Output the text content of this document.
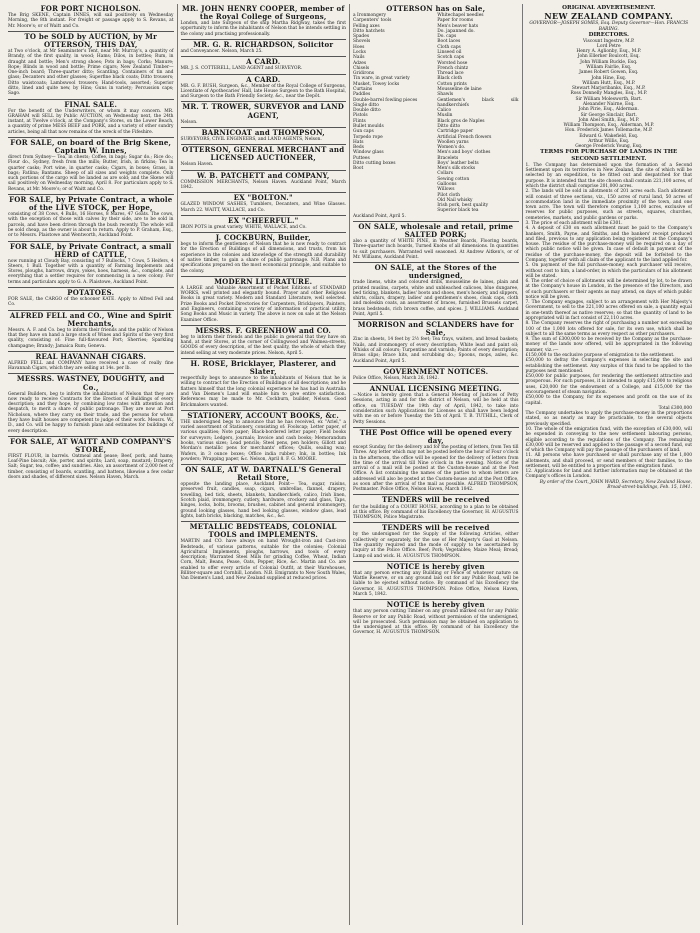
FOR PORT NICHOLSON.

The Brig SKENE, Captain INNES, will sail positively on Wednesday Morning, the 8th instant. For freight or passage apply to S. Revans, at Mr. Moore's; or of Waitt and Co.

TO be SOLD by AUCTION, by Mr OTTERSON, THIS DAY,

at Two o'clock, at Mr Seaminster's Tent, near Mr. Murray's, a quantity of Brandy, of the first quality, in wood; Hams; Dilos, in bottles; Rum, in draught and bottle; Men's strong shoes; Pots in bags; Corks; Manure; Rope; Blinds in wood and bottle; Prime cigars; New Zealand Timber—One-inch board; Three-quarter ditto; Scantling. Containers of tin and glass; Decanters and other glasses; Superfine black coats; Ditto trousers; Ditto waistcoats; Lambswool trousers; Hand-tools, assorted; Superior ditto, lined and quite new, by Hins; Guns in variety; Percussion caps; Sago.

FINAL SALE.

For the benefit of the Underwriters, or whom it may concern. MR. GRAHAM will SELL by Public AUCTION, on Wednesday next, the 24th instant, at Twelve o'clock, at the Company's Stores, on the Lower Beach, a quantity of prime MESS BEEF and PORK, and a variety of other sundry articles, being all that now remains of the wreck of the Fifeshire.

FOR SALE, on board of the Brig Skene, Captain W. Innes,

direct from Sydney— Tea, in chests; Coffee, in bags; Sugar do.; Rice do.; Flour do., Sydney, fresh from the mills; Butter, Irish, in firkins; Tea in quarter casks; Port wine, in quarter casks; Cigars, in boxes; Grass, in bags; Fatlina; Bantams. Sheep of all sizes and weights complete. Only such portions of the cargo will be landed as are sold; and the Skene will sail positively on Wednesday morning, April 8. For particulars apply to S. Revans, at Mr. Moore's; or of Waitt and Co.

FOR SALE, by Private Contract, a whole of the LIVE STOCK, per Hope,

consisting of 38 Cows, 4 Bulls, 16 Horses, 8 Mares, 47 Goats. The cows, with the exception of those with calves by their side, are to be sold in parcels, and have been driven through the bush recently. The whole will be sold cheap, as the owner is about to return. Apply to P. Graham, Esq., or to Messrs. Plaistowe and Wentworth, Auckland Point.

FOR SALE, by Private Contract, a small HERD of CATTLE,

now running at Cloudy Bay, consisting of 7 Bullocks, 7 Cows, 5 Heifers, 4 Steers, 1 Bull. Together with a quantity of Farming Implements and Stores, ploughs, harrows, drays, yokes, hoes, harness, &c., complete, and everything that a settler requires for commencing in a new colony. For terms and particulars apply to G. A. Plaistowe, Auckland Point.

POTATOES.

FOR SALE, the CARGO of the schooner KATE. Apply to Alfred Fell and Co.

ALFRED FELL and CO., Wine and Spirit Merchants,

Messrs. A. F. and Co. beg to inform their friends and the public of Nelson that they have on hand a large stock of Wines and Spirits of the very first quality, consisting of: Fine full-flavoured Port; Sherries; Sparkling champagne; Brandy; Jamaica Rum; Geneva.

REAL HAVANNAH CIGARS.

ALFRED FELL and COMPANY have received a case of really fine Havannah Cigars, which they are selling at 14s. per lb.

MESSRS. WASTNEY, DOUGHTY, and Co.,

General Builders, beg to inform the inhabitants of Nelson that they are now ready to receive Contracts for the Erection of Buildings of every description; and they hope, by combining low rates with attention and despatch, to merit a share of public patronage. They are now at Port Nicholson, where they carry on their trade, and the persons for whom they have built houses are competent to judge of their work. Messrs. W., D., and Co. will be happy to furnish plans and estimates for buildings of every description.

FOR SALE, AT WAITT AND COMPANY'S STORE,

FIRST FLOUR, in barrels. Oatmeal and pease; Beef, pork, and hams; Loaf-Pine biscuit; Ale, porter, and spirits; Lard, soap, mustard; Drapery; Salt; Sugar, tea, coffee; and sundries. Also, an assortment of 2,000 feet of timber, consisting of boards, scantling, and battens, likewise a few cedar doors and shades, of different sizes. Nelson Haven, March.

MR. JOHN HENRY COOPER, member of the Royal College of Surgeons,

London, and late Surgeon of the ship Martha Ridgway, takes the first opportunity to inform the inhabitants of Nelson that he intends settling in the colony and practising professionally.

MR. G. R. RICHARDSON, Solicitor

and Conveyancer. Nelson, March 25.

A CARD.

MR. J. S. COTTERELL, LAND AGENT and SURVEYOR.

A CARD.

MR. G. F. BUSH, Surgeon, &c., Member of the Royal College of Surgeons, Licentiate of Apothecaries' Hall, late House Surgeon to the Bath Hospital, and Surgeon to the Bath Friendly Society, &c., near the Depôt.

MR. T. TROWER, SURVEYOR and LAND AGENT,

Nelson.

BARNICOAT and THOMPSON,

SURVEYORS, CIVIL ENGINEERS, and LAND AGENTS, Nelson.

OTTERSON, GENERAL MERCHANT and LICENSED AUCTIONEER,

Nelson Haven.

W. B. PATCHETT and COMPANY,

COMMISSION MERCHANTS, Nelson Haven. Auckland Point, March 1842.

EX "BOLTON."

GLAZED WINDOW SASHES, Tumblers, Decanters, and Wine Glasses. March 22. WAITT, WALLACE, and Co.

EX "CHEERFUL."

IRON POTS in great variety. WHITE, WALLACE, and Co.

J. COCKBURN, Builder,

begs to inform the gentlemen of Nelson that he is now ready to contract for the Erection of Buildings of all dimensions, and trusts, from his experience in the colonies and knowledge of the strength and durability of native timber, to gain a share of public patronage. N.B. Plans and specifications prepared on the most economical principle, and suitable to the colony.

MODERN LITERATURE.

A LARGE and Valuable Assortment of Pocket Editions of STANDARD WORKS, well printed and elegantly bound. Prayer and other Religious Books in great variety. Modern and Standard Literature, well selected. Prize Books and Pocket Directories for Carpenters, Bricklayers, Painters, and Engineers, containing a variety of information of practical utility. Song Books and Music in variety. The above is now on sale at the Nelson Examiner Office.

MESSRS. F. GREENHOW and CO.

beg to inform their friends and the public in general that they have on hand, at their Stores, at the corner of Collingwood and Waimea-streets, GOODS of every description, of the best quality, the whole of which they intend selling at very moderate prices. Nelson, April 5.

H. ROSE, Bricklayer, Plasterer, and Slater,

respectfully begs to announce to the inhabitants of Nelson that he is willing to contract for the Erection of Buildings of all descriptions; and he flatters himself that the long colonial experience he has had in Australia and Van Diemen's Land will enable him to give entire satisfaction. References may be made to Mr. Cockburn, builder, Nelson. Good Brickmakers wanted.

STATIONERY, ACCOUNT BOOKS, &c.

THE undersigned begs to announce that he has received, ex "Ariel," a varied assortment of Stationery, consisting of: Foolscap; Letter paper, of various qualities; Note paper; Black-bordered letter paper; Field books for surveyors; Ledgers, journals; Invoice and cash books; Memorandum books, various sizes; Lead pencils; Steel pens, pen holders; Gillott and Mordan's metallic pens for merchants' offices; Quills, sealing wax; Wafers, in 3 ounce boxes; Office india rubber; Ink, in bottles; Ink powders; Wrapping paper, &c. Nelson, April 8. F. G. MOORE.

ON SALE, AT W. DARTNALL'S General Retail Store,

opposite the landing place, Auckland Point— Tea, sugar, raisins, preserved fruit, candles, soap, cigars, umbrellas, flannel, drapery, towelling, bed tick, sheets, blankets, handkerchiefs, calico, Irish linen, Scotch plaid, ironmongery, cutlery, hardware, crockery and glass, Taps, hinges, locks, bolts, brooms, brushes, cabinet and general ironmongery, ground looking glasses, hand bed looking glasses, window glass, lead lights, bath bricks, blacking, matches, &c., &c.

METALLIC BEDSTEADS, COLONIAL TOOLS and IMPLEMENTS.

MARTIN and CO. have always on hand Wrought-iron and Cast-iron Bedsteads, of various patterns, suitable for the colonies; Colonial Agricultural Implements, ploughs, harrows, and tools of every description; Warranted Steel Mills for grinding Coffee, Wheat, Indian Corn, Malt, Beans, Pease, Oats, Pepper, Rice, &c. Martin and Co. are enabled to offer every article of Colonial Outfit, at their Warehouses, Billiter-square and Cornhill, London. N.B. Emigrants to New South Wales, Van Diemen's Land, and New Zealand supplied at reduced prices.

OTTERSON has on Sale,
a Ironmongery
Carpenters' tools
Felling axes
Ditto hatchets
Spades
Shovels
Hoes
Locks
Nails
Adzes
Chisels
Gridirons
Tin ware, in great variety
Musket, Towey locks
Curtains
Paddles
Double-barrel fowling pieces
Single ditto
Double ditto
Pistols
Flints
Bullet moulds
Gun caps
Torpedo rope
Hats
Beds
Window glass
Puttees
Ditto cutting boxes
Boot
Whitechapel needles
Paper for rooms
Men's beaver hats
Do. japanned do.
Do. caps
Boot laces
Cloth caps
Linseed oil
Scotch caps
Worsted hose
French chintz
Thread lace
Black cloth
Cotton prints
Mousseline de laine
Shawls
Gentlemen's black silk handkerchiefs
Calico
Muslin
Black gros de Naples
Ditto ditto
Cartridge paper
Artificial French flowers
Woollen yarns
Women's do.
Men's and boys' clothes
Bracelets
Boys' leather belts
Men's silk stocks
Collars
Sewing cotton
Galloons
Willows
Pilot cloth
Old Nail whisky
Irish pork, best quality
Superior black tea

Auckland Point, April 5.

ON SALE, wholesale and retail, prime SALTED PORK;

also a quantity of WHITE PINE, in Weather Boards, Flooring boards, Three-quarter inch boards, Turned Knobs of all dimensions. In quantities to suit purchasers. Warranted well seasoned. At Andrew Aitken's, or of Mr. Williams, Auckland Point.

ON SALE, at the Stores of the undersigned,

trade linens, white and coloured drills, mousseline de laines, plain and printed muslins, carpets, white and unbleached calicoes, blue dungaree, bed ticking, blankets, ladies' boots and shoes, men's hosiery, and slippers, shirts, collars, drapery, ladies' and gentlemen's shoes, cloak caps, cloth and moleskin coats, an assortment of braces, furnished Brussels carpet, brass bedsteads, rich brown coffee, and spices. J. WILLIAMS. Auckland Point, April 5.

MORRISON and SCLANDERS have for Sale,

Zinc in sheets, 14 feet by 2½ feet; Tea trays, waiters, and bread baskets; Nails, and ironmongery of every description; White lead and paint oil; Whisks of all colours; Turpentine and varnish; Paints of every description; Brass slips; Brace hits, and scrubbing do.; Spoons, mops, axles, &c. Auckland Point, April 5.

GOVERNMENT NOTICES.

Police Office, Nelson, March 26, 1842.

ANNUAL LICENSING MEETING.

—Notice is hereby given that a General Meeting of Justices of Petty Sessions, acting in and for the district of Nelson, will be held at this office, on TUESDAY the 19th day of April, 1842, to take into consideration such Applications for Licenses as shall have been lodged with me on or before Tuesday the 5th of April. T. B. TUTHILL, Clerk of Petty Sessions.

THE Post Office will be opened every day,

except Sunday, for the delivery and for the posting of letters, from Ten till Three. Any letter which may not be posted before the hour of Four o'clock in the afternoon, the office will be opened for the delivery of letters from the time of the arrival till Nine o'clock in the evening. Notice of the arrival of a mail will be posted at the Custom-house and at the Post Office. A list containing the names of the parties to whom letters are addressed will also be posted at the Custom-house and at the Post Office, as soon after the arrival of the mail as possible. ALFRED THOMPSON, Postmaster. Police Office, Nelson Haven, March 1842.

TENDERS will be received

for the building of a COURT HOUSE, according to a plan to be obtained at this office. By command of his Excellency the Governor, H. AUGUSTUS THOMPSON, Police Magistrate.

TENDERS will be received

by the undersigned for the Supply of the following Articles, either collectively or separately, for the use of Her Majesty's Gaol at Nelson. The quantity required and the mode of supply to be ascertained by inquiry at the Police Office. Beef; Pork; Vegetables; Maize Meal; Bread; Lamp oil and wick. H. AUGUSTUS THOMPSON.

NOTICE is hereby given

that any person erecting any Building or Fence of whatever nature on Wattle Reserve, or on any ground laid out for any Public Road, will be liable to be ejected without notice. By command of his Excellency the Governor, H. AUGUSTUS THOMPSON. Police Office, Nelson Haven, March 5, 1842.

NOTICE is hereby given

that any person cutting Timber on any ground marked out for any Public Reserve or for any Public Road, without permission of the undersigned, will be prosecuted. Such permission may be obtained on application to the undersigned at this office. By command of his Excellency the Governor, H. AUGUSTUS THOMPSON.

ORIGINAL ADVERTISEMENT.
NEW ZEALAND COMPANY.
GOVERNOR—JOSEPH SOMES, Esq. Deputy Governor—Hon. FRANCIS BARING.
DIRECTORS.
Viscount Ingestre, M.P.
Lord Petre
Henry A. Aglionby, Esq., M.P.
John Ellerker Boulcott, Esq.
John William Buckle, Esq.
William Fairlie, Esq.
James Robert Gowen, Esq.
John Hine, Esq.
William Hutt, Esq., M.P.
Stewart Marjoribanks, Esq., M.P.
Ross Donnelly Mangles, Esq., M.P.
Sir William Molesworth, Bart.
Alexander Nairne, Esq.
John Pirie, Esq., Alderman.
Sir George Sinclair, Bart.
John Abel Smith, Esq., M.P.
William Thompson, Esq., Alderman, M.P.
Hon. Frederick James Tollemache, M.P.
Edward G. Wakefield, Esq.
Arthur Willis, Esq.
George Frederick Young, Esq.
TERMS FOR PURCHASE OF LANDS IN THE SECOND SETTLEMENT.
1. The Company has determined upon the formation of a Second Settlement upon its territories in New Zealand, the site of which will be selected by an expedition, to be fitted out and despatched for that purpose. It is intended that the site chosen shall contain 221,100 acres, of which the district shall comprise 201,000 acres.
2. The lands will be sold in allotments of 201 acres each. Each allotment will consist of three sections, viz., 150 acres of rural land, 50 acres of accommodation land in the immediate proximity of the town, and one town acre. The town will therefore comprise 1,100 acres, exclusive of reserves for public purposes, such as streets, squares, churches, cemeteries, markets, and public gardens or parks.
3. The price of each allotment will be £301.
4. A deposit of £30 on each allotment must be paid to the Company's bankers, Smith, Payne, and Smiths, and the bankers' receipt produced and filed, previous to any application being registered at the Company's house. The residue of the purchase-money will be required on a day of which public notice will be given. In case of default in payment of the residue of the purchase-money, the deposit will be forfeited to the Company, together with all claim of the applicant to the land applied for.
5. On payment of the full purchase-money, each purchaser will receive, without cost to him, a land-order, in which the particulars of his allotment will be stated.
6. The order of choice of allotments will be determined by lot, to be drawn at the Company's house in London, in the presence of the Directors, and of such purchasers or their agents as may attend, on days of which public notice will be given.
7. The Company engages, subject to an arrangement with Her Majesty's Government, to sell to the 221,100 acres offered on sale, a quantity equal in one-tenth thereof as native reserves; so that the quantity of land to be appropriated will in fact consist of 22,110 acres.
8. The Company reserves the right of purchasing a number not exceeding 100 of the 1,000 lots offered for sale, for its own use, which shall be subject to all the same terms as every respect as other purchasers.
9. The sum of £300,000 to be received by the Company as the purchase-money of the lands now offered, will be appropriated in the following manner, viz.:—
£150,000 to the exclusive purpose of emigration to the settlement.
£50,000 to defray the Company's expenses in selecting the site and establishing the settlement. Any surplus of this fund to be applied to the purposes next mentioned.
£50,000 for public purposes, for rendering the settlement attractive and prosperous. For such purposes, it is intended to apply £15,000 to religious uses, £20,000 for the endowment of a College, and £15,000 for the encouragement of steam navigation.
£50,000 to the Company, for its expenses and profit on the use of its capital.
Total £300,000
The Company undertakes to apply the purchase-money in the proportions stated, so as nearly as may be practicable, to the several objects previously specified.
10. The whole of the emigration fund, with the exception of £30,000, will be expended in conveying to the new settlement labouring persons, eligible according to the regulations of the Company. The remaining £30,000 will be reserved and applied to the passage of a second fund, out of which the Company will pay the passage of the purchasers of land.
11. All persons who have purchased or shall purchase any of the 1,000 allotments, and shall proceed, or send members of their families, to the settlement, will be entitled to a proportion of the emigration fund.
12. Applications for land and further information may be obtained at the Company's offices in London.
By order of the Court, JOHN WARD, Secretary. New Zealand House, Broad-street-buildings, Feb. 15, 1841.
